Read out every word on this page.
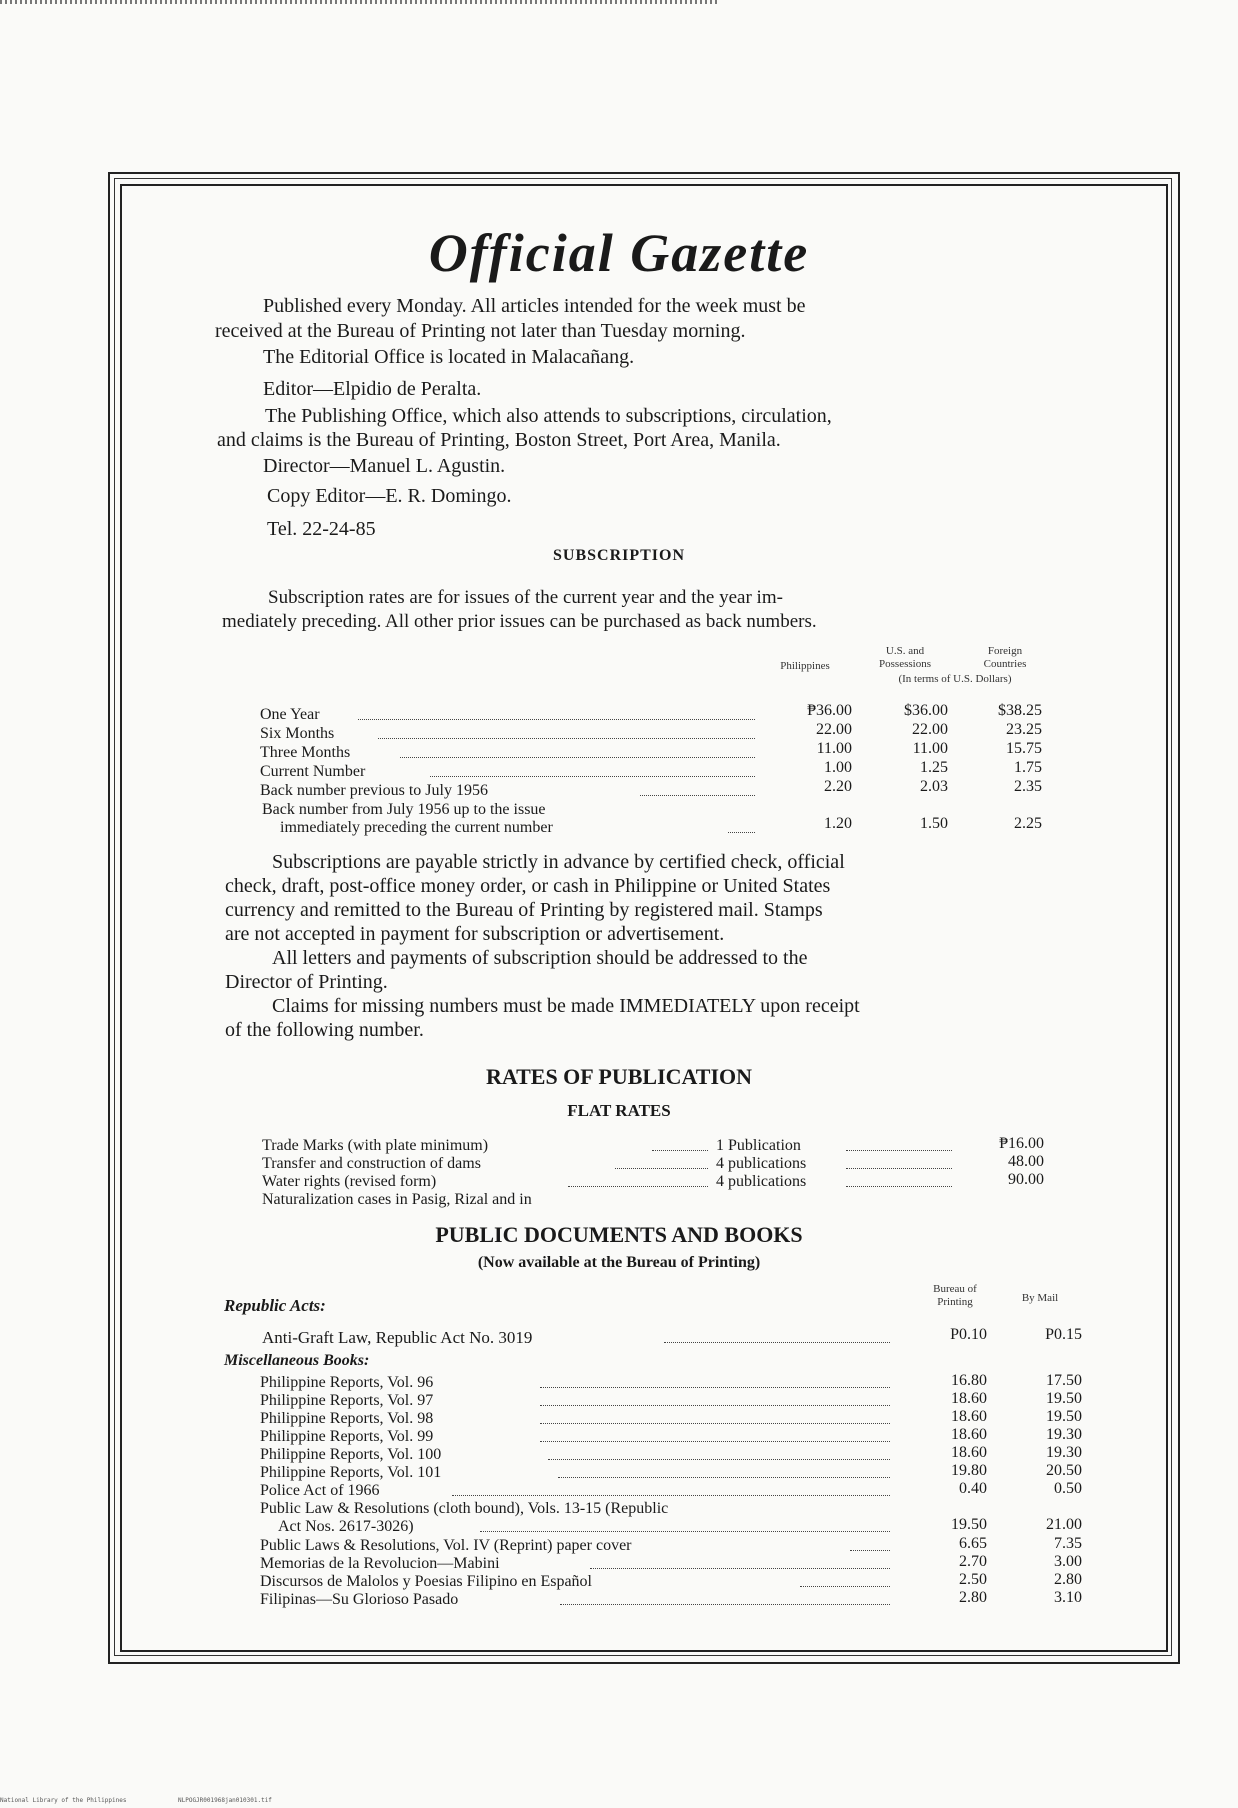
Official Gazette
Published every Monday. All articles intended for the week must be
received at the Bureau of Printing not later than Tuesday morning.
The Editorial Office is located in Malacañang.
Editor—Elpidio de Peralta.
The Publishing Office, which also attends to subscriptions, circulation,
and claims is the Bureau of Printing, Boston Street, Port Area, Manila.
Director—Manuel L. Agustin.
Copy Editor—E. R. Domingo.
Tel. 22-24-85
SUBSCRIPTION
Subscription rates are for issues of the current year and the year im-
mediately preceding. All other prior issues can be purchased as back numbers.
Philippines
U.S. and
Possessions
Foreign
Countries
(In terms of U.S. Dollars)
One Year	₱36.00	$36.00	$38.25
Six Months	22.00	22.00	23.25
Three Months	11.00	11.00	15.75
Current Number	1.00	1.25	1.75
Back number previous to July 1956	2.20	2.03	2.35
Back number from July 1956 up to the issue
immediately preceding the current number	1.20	1.50	2.25
Subscriptions are payable strictly in advance by certified check, official
check, draft, post-office money order, or cash in Philippine or United States
currency and remitted to the Bureau of Printing by registered mail. Stamps
are not accepted in payment for subscription or advertisement.
All letters and payments of subscription should be addressed to the
Director of Printing.
Claims for missing numbers must be made IMMEDIATELY upon receipt
of the following number.
RATES OF PUBLICATION
FLAT RATES
Trade Marks (with plate minimum)	1 Publication	₱16.00
Transfer and construction of dams	4 publications	48.00
Water rights (revised form)	4 publications	90.00
Naturalization cases in Pasig, Rizal and in
PUBLIC DOCUMENTS AND BOOKS
(Now available at the Bureau of Printing)
Bureau of
Printing	By Mail
Republic Acts:
Anti-Graft Law, Republic Act No. 3019	P0.10	P0.15
Miscellaneous Books:
Philippine Reports, Vol. 96	16.80	17.50
Philippine Reports, Vol. 97	18.60	19.50
Philippine Reports, Vol. 98	18.60	19.50
Philippine Reports, Vol. 99	18.60	19.30
Philippine Reports, Vol. 100	18.60	19.30
Philippine Reports, Vol. 101	19.80	20.50
Police Act of 1966	0.40	0.50
Public Law & Resolutions (cloth bound), Vols. 13-15 (Republic
Act Nos. 2617-3026)	19.50	21.00
Public Laws & Resolutions, Vol. IV (Reprint) paper cover	6.65	7.35
Memorias de la Revolucion—Mabini	2.70	3.00
Discursos de Malolos y Poesias Filipino en Español	2.50	2.80
Filipinas—Su Glorioso Pasado	2.80	3.10
National Library of the Philippines	NLPOGJR001968jan010301.tif
